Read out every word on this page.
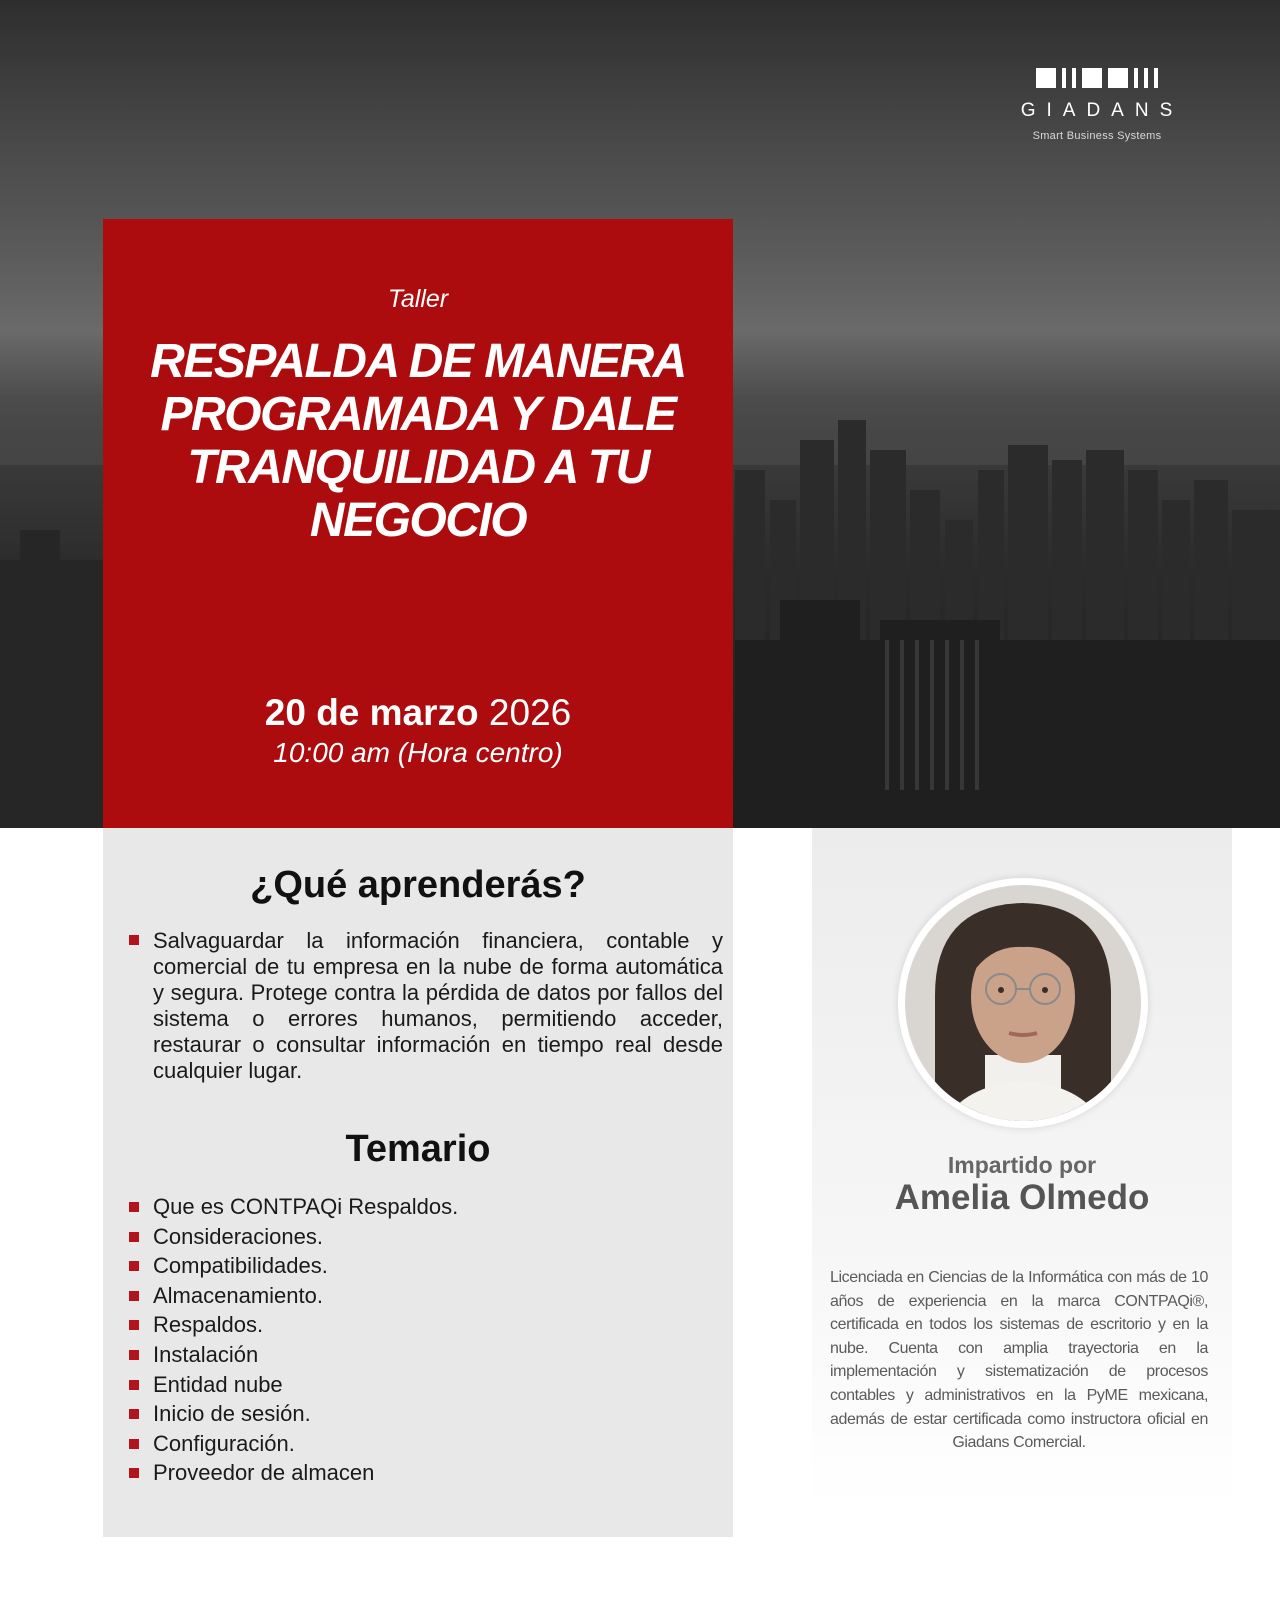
GIADANS
Smart Business Systems
Taller
RESPALDA DE MANERA PROGRAMADA Y DALE TRANQUILIDAD A TU NEGOCIO
20 de marzo 2026
10:00 am (Hora centro)
¿Qué aprenderás?
Salvaguardar la información financiera, contable y comercial de tu empresa en la nube de forma automática y segura. Protege contra la pérdida de datos por fallos del sistema o errores humanos, permitiendo acceder, restaurar o consultar información en tiempo real desde cualquier lugar.
Temario
Que es CONTPAQi Respaldos.
Consideraciones.
Compatibilidades.
Almacenamiento.
Respaldos.
Instalación
Entidad nube
Inicio de sesión.
Configuración.
Proveedor de almacen
Impartido por
Amelia Olmedo

Licenciada en Ciencias de la Informática con más de 10 años de experiencia en la marca CONTPAQi®, certificada en todos los sistemas de escritorio y en la nube. Cuenta con amplia trayectoria en la implementación y sistematización de procesos contables y administrativos en la PyME mexicana, además de estar certificada como instructora oficial en Giadans Comercial.
